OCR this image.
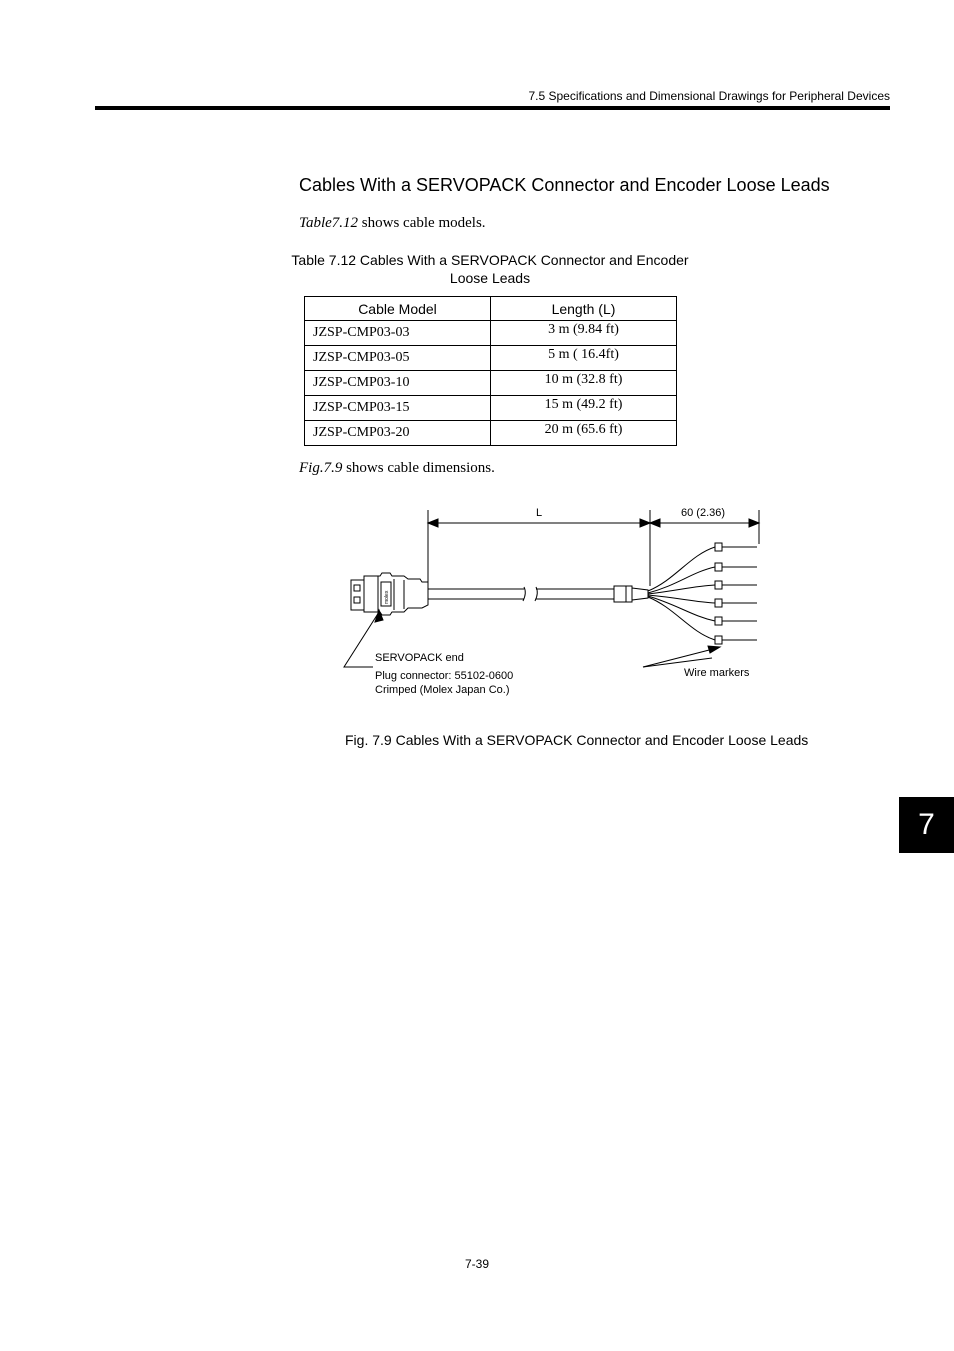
7.5 Specifications and Dimensional Drawings for Peripheral Devices
Cables With a SERVOPACK Connector and Encoder Loose Leads
Table7.12 shows cable models.
Table 7.12 Cables With a SERVOPACK Connector and Encoder
Loose Leads
Cable Model	Length (L)
JZSP-CMP03-03	3 m (9.84 ft)
JZSP-CMP03-05	5 m ( 16.4ft)
JZSP-CMP03-10	10 m (32.8 ft)
JZSP-CMP03-15	15 m (49.2 ft)
JZSP-CMP03-20	20 m (65.6 ft)
Fig.7.9 shows cable dimensions.
L	60 (2.36)
molex
SERVOPACK end
Plug connector: 55102-0600
Crimped (Molex Japan Co.)
Wire markers
Fig. 7.9 Cables With a SERVOPACK Connector and Encoder Loose Leads
7
7-39
